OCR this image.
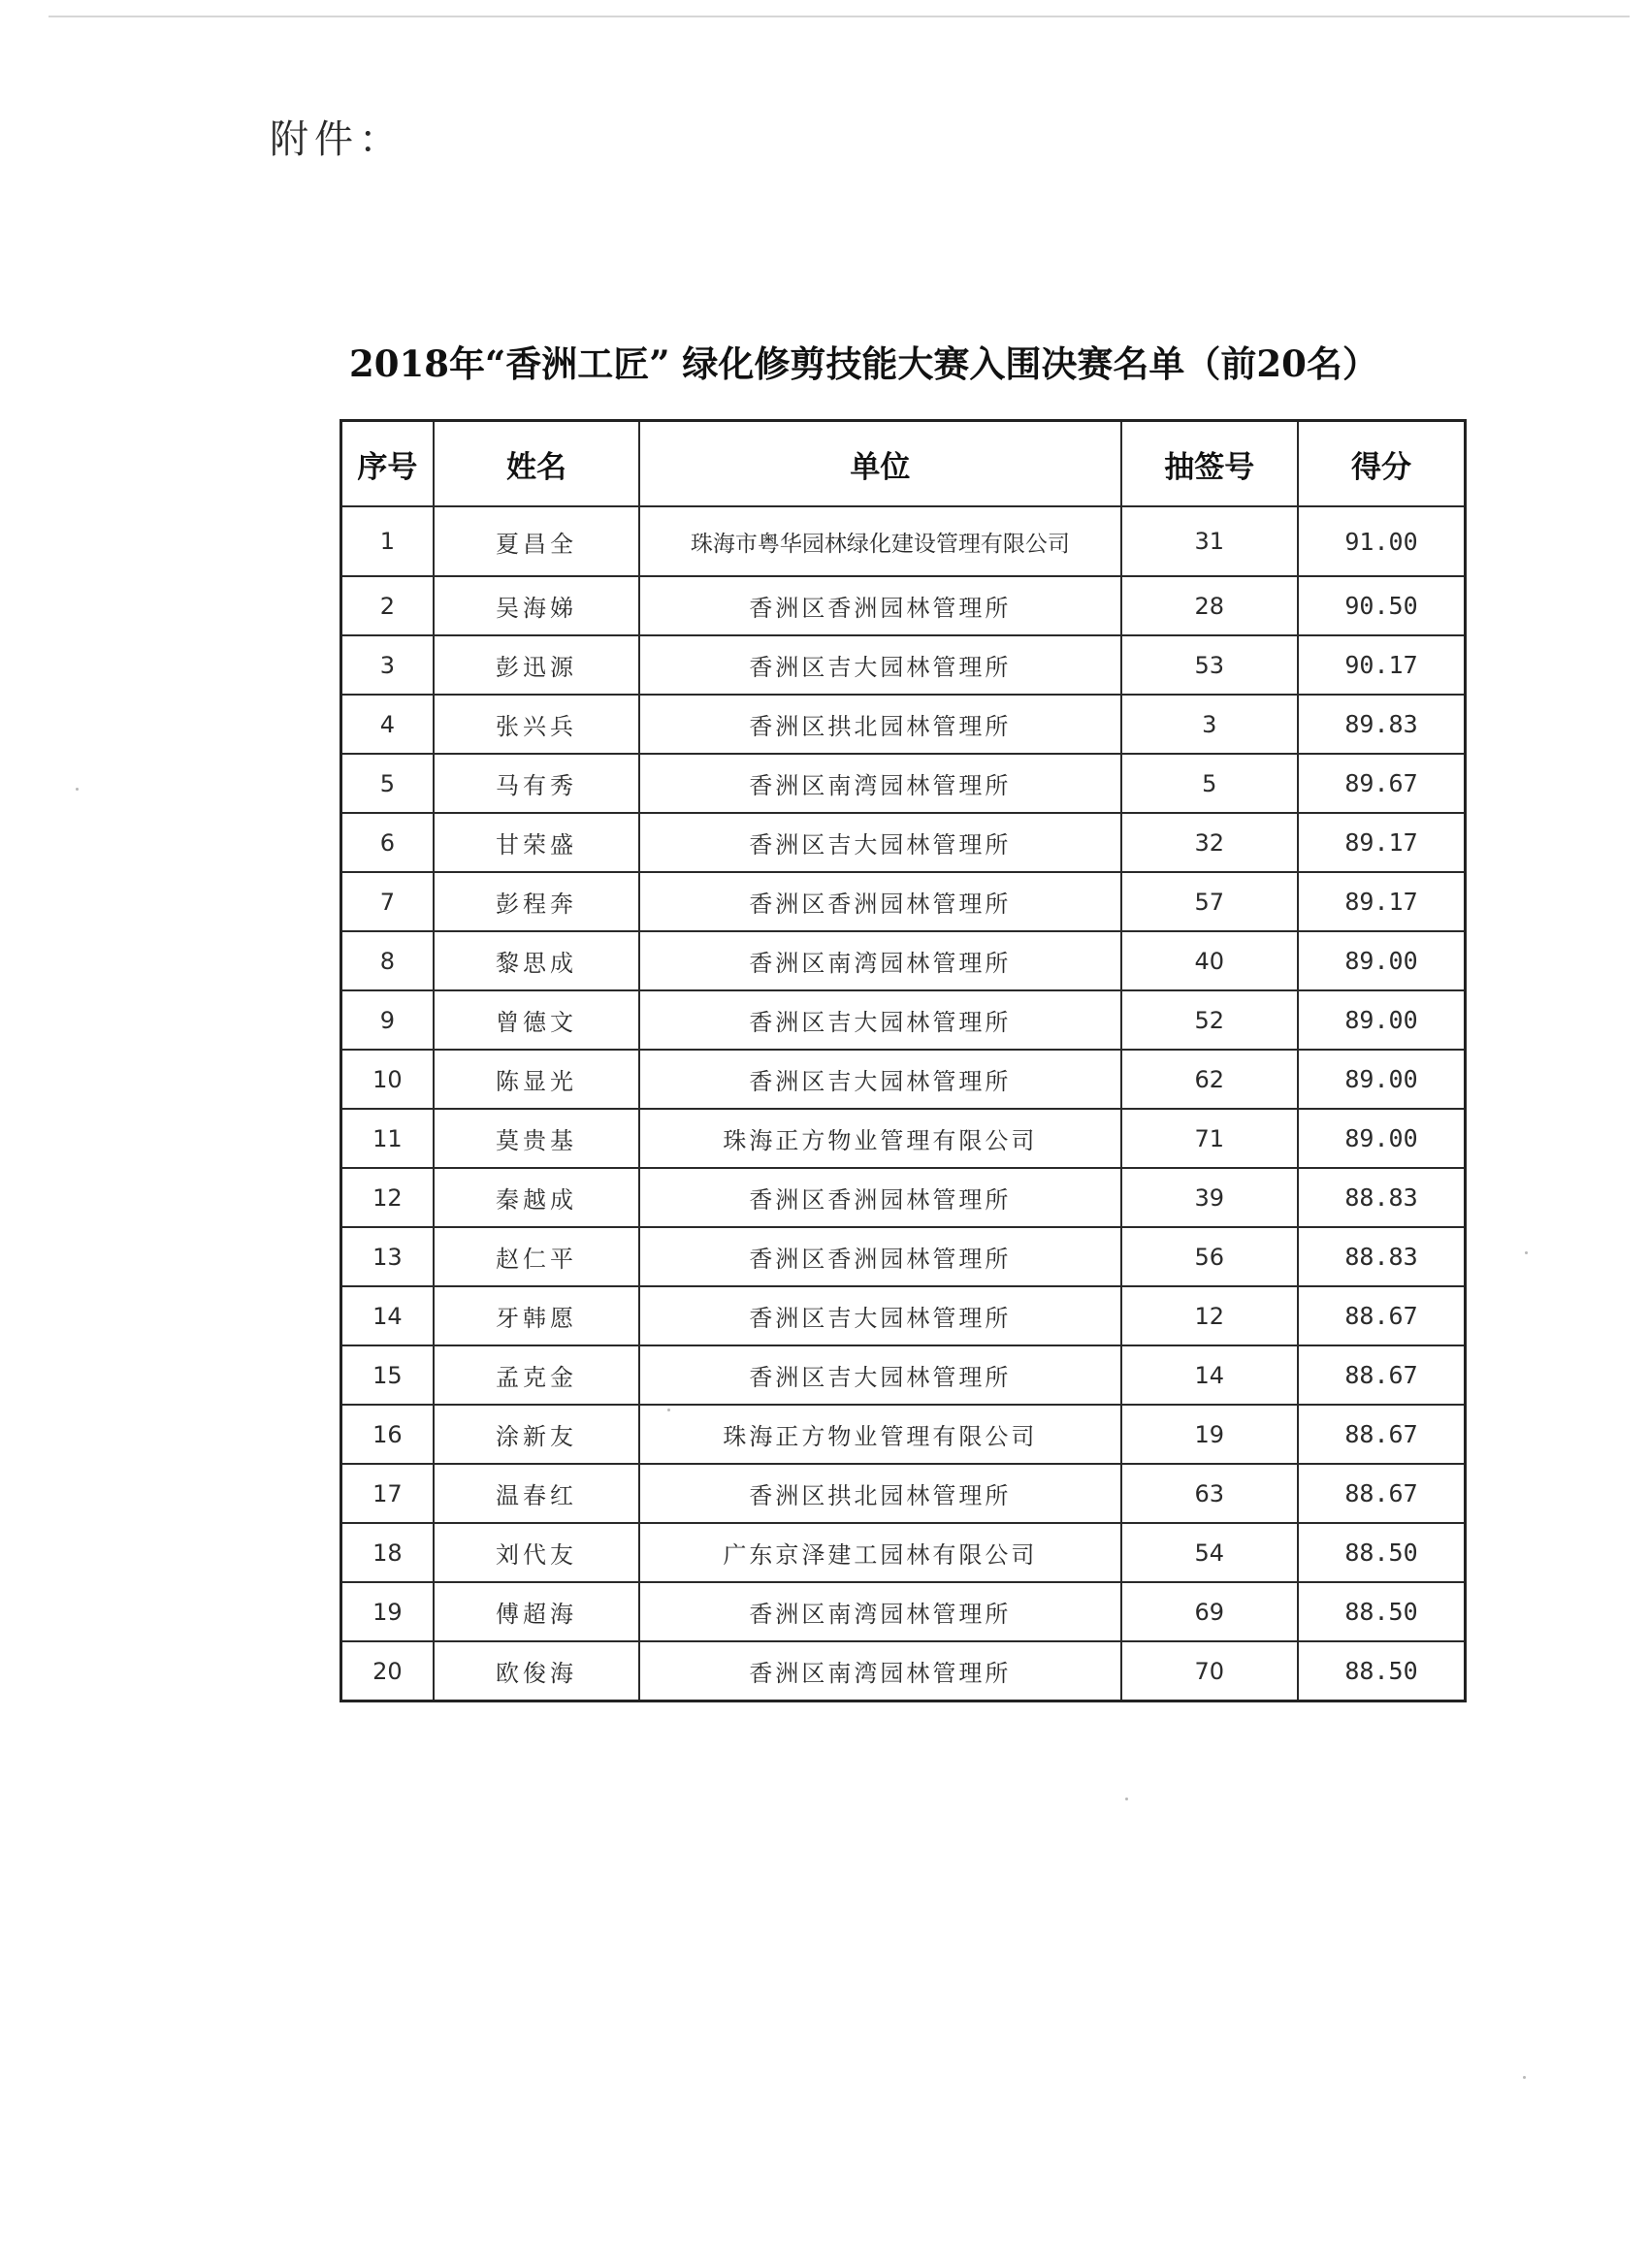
附件：
2018年“香洲工匠” 绿化修剪技能大赛入围决赛名单（前20名）
序号	姓名	单位	抽签号	得分
1	夏昌全	珠海市粤华园林绿化建设管理有限公司	31	91.00
2	吴海娣	香洲区香洲园林管理所	28	90.50
3	彭迅源	香洲区吉大园林管理所	53	90.17
4	张兴兵	香洲区拱北园林管理所	3	89.83
5	马有秀	香洲区南湾园林管理所	5	89.67
6	甘荣盛	香洲区吉大园林管理所	32	89.17
7	彭程奔	香洲区香洲园林管理所	57	89.17
8	黎思成	香洲区南湾园林管理所	40	89.00
9	曾德文	香洲区吉大园林管理所	52	89.00
10	陈显光	香洲区吉大园林管理所	62	89.00
11	莫贵基	珠海正方物业管理有限公司	71	89.00
12	秦越成	香洲区香洲园林管理所	39	88.83
13	赵仁平	香洲区香洲园林管理所	56	88.83
14	牙韩愿	香洲区吉大园林管理所	12	88.67
15	孟克金	香洲区吉大园林管理所	14	88.67
16	涂新友	珠海正方物业管理有限公司	19	88.67
17	温春红	香洲区拱北园林管理所	63	88.67
18	刘代友	广东京泽建工园林有限公司	54	88.50
19	傅超海	香洲区南湾园林管理所	69	88.50
20	欧俊海	香洲区南湾园林管理所	70	88.50
